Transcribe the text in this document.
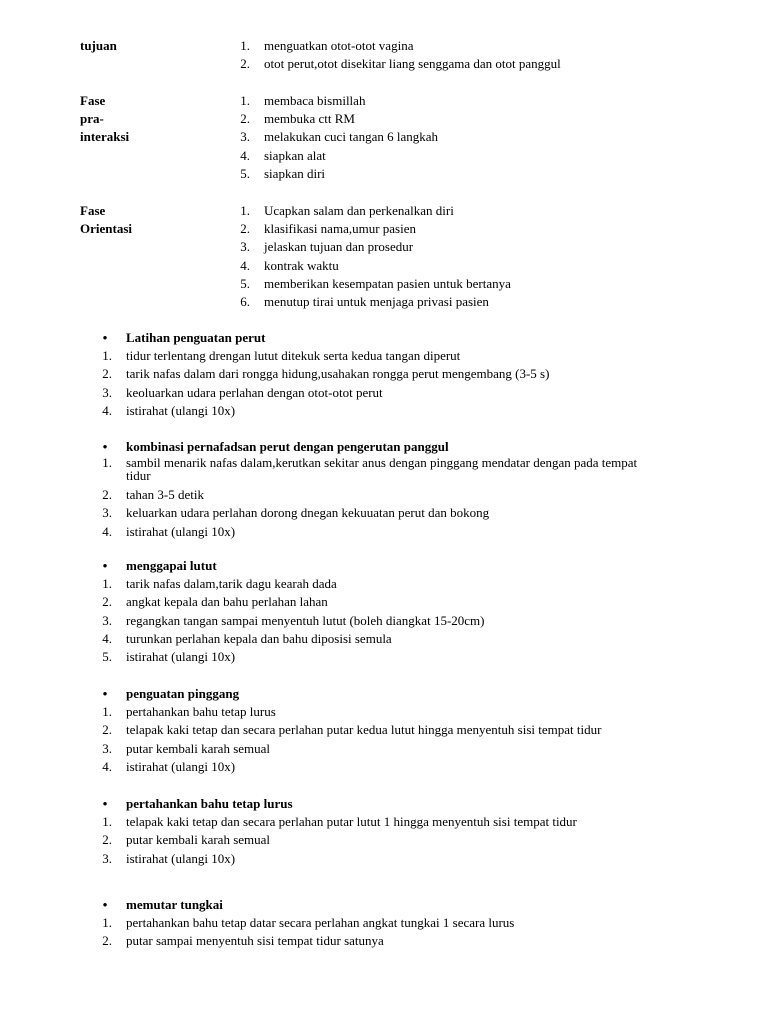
tujuan	1. menguatkan otot-otot vagina
2. otot perut,otot disekitar liang senggama dan otot panggul
Fase pra-interaksi
1. membaca bismillah
2. membuka ctt RM
3. melakukan cuci tangan 6 langkah
4. siapkan alat
5. siapkan diri
Fase Orientasi
1. Ucapkan salam dan perkenalkan diri
2. klasifikasi nama,umur pasien
3. jelaskan tujuan dan prosedur
4. kontrak waktu
5. memberikan kesempatan pasien untuk bertanya
6. menutup tirai untuk menjaga privasi pasien
• Latihan penguatan perut
1. tidur terlentang drengan lutut ditekuk serta kedua tangan diperut
2. tarik nafas dalam dari rongga hidung,usahakan rongga perut mengembang (3-5 s)
3. keoluarkan udara perlahan dengan otot-otot perut
4. istirahat (ulangi 10x)
• kombinasi pernafadsan perut dengan pengerutan panggul
1. sambil menarik nafas dalam,kerutkan sekitar anus dengan pinggang mendatar dengan pada tempat tidur
2. tahan 3-5 detik
3. keluarkan udara perlahan dorong dnegan kekuuatan perut dan bokong
4. istirahat (ulangi 10x)
• menggapai lutut
1. tarik nafas dalam,tarik dagu kearah dada
2. angkat kepala dan bahu perlahan lahan
3. regangkan tangan sampai menyentuh lutut (boleh diangkat 15-20cm)
4. turunkan perlahan kepala dan bahu diposisi semula
5. istirahat (ulangi 10x)
• penguatan pinggang
1. pertahankan bahu tetap lurus
2. telapak kaki tetap dan secara perlahan putar kedua lutut hingga menyentuh sisi tempat tidur
3. putar kembali karah semual
4. istirahat (ulangi 10x)
• pertahankan bahu tetap lurus
1. telapak kaki tetap dan secara perlahan putar lutut 1 hingga menyentuh sisi tempat tidur
2. putar kembali karah semual
3. istirahat (ulangi 10x)
• memutar tungkai
1. pertahankan bahu tetap datar secara perlahan angkat tungkai 1 secara lurus
2. putar sampai menyentuh sisi tempat tidur satunya
